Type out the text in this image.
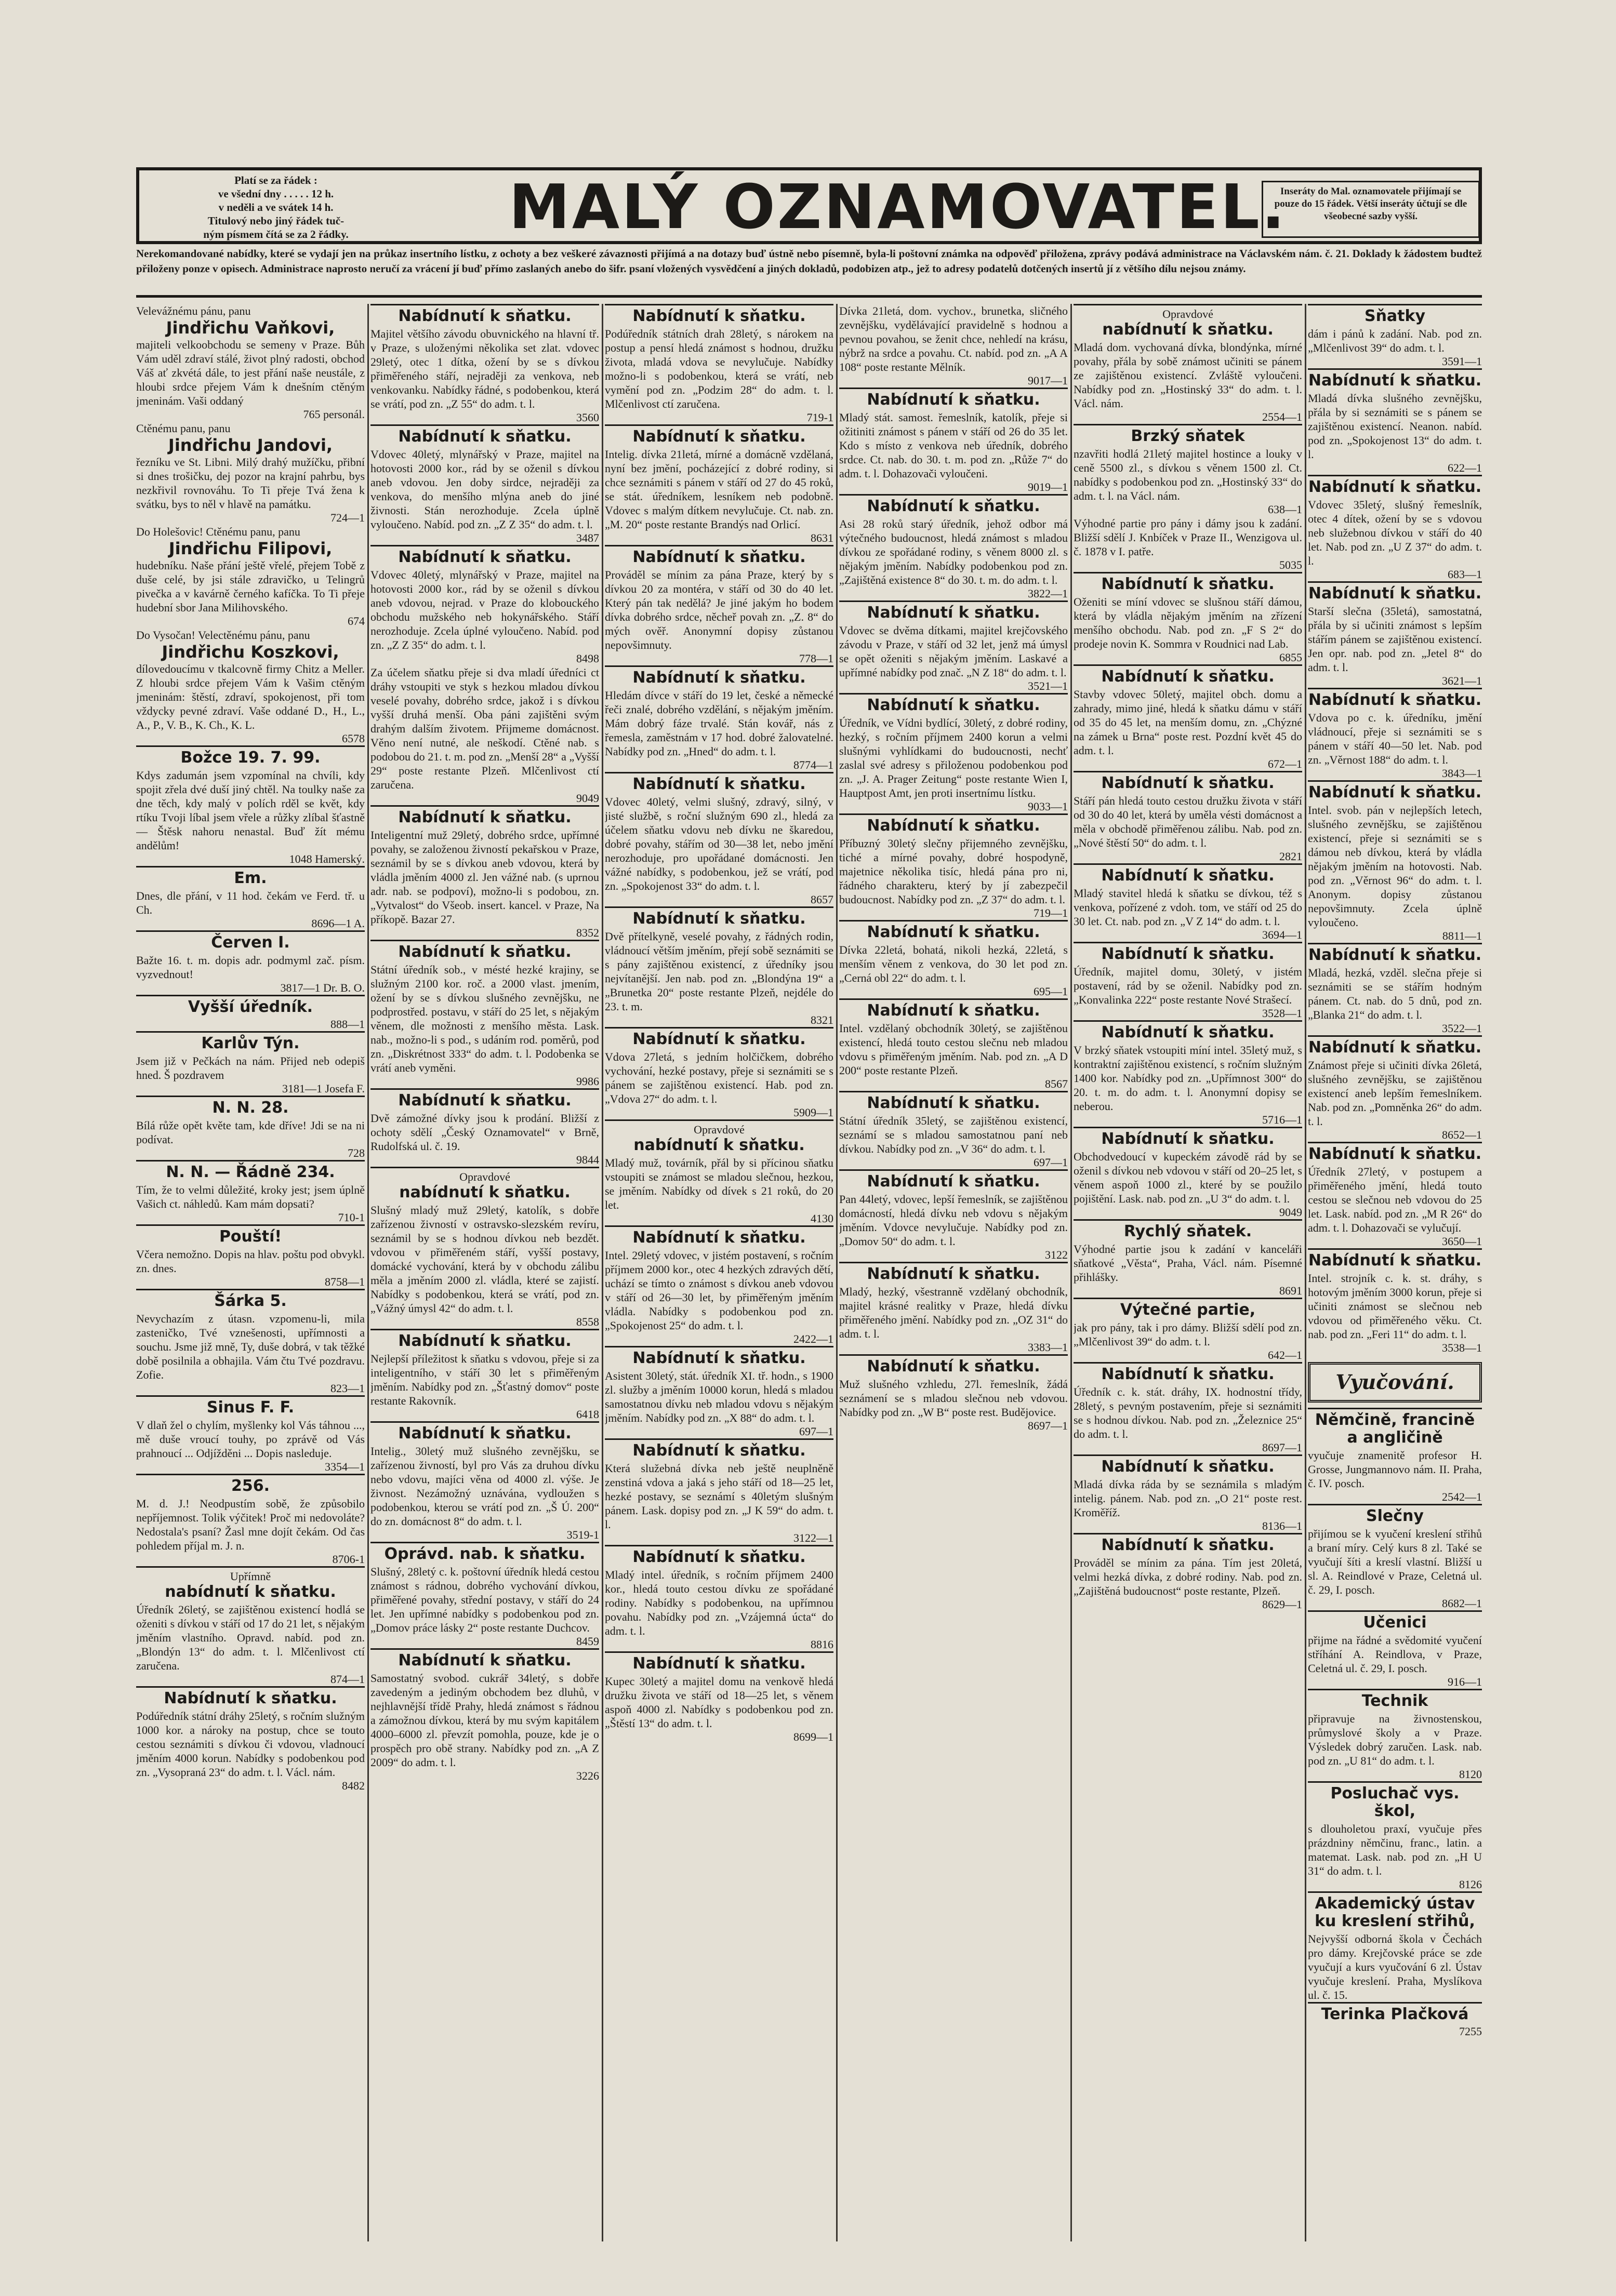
Platí se za řádek :
ve všední dny . . . . . 12 h.
v neděli a ve svátek 14 h.
Titulový nebo jiný řádek tuč-
ným písmem čítá se za 2 řádky.	MALÝ OZNAMOVATEL.
Inseráty do Mal. oznamovatele přijímají se pouze do 15 řádek. Větší inseráty účtují se dle všeobecné sazby vyšší.
Nerekomandované nabídky, které se vydají jen na průkaz insertního lístku, z ochoty a bez veškeré závaznosti přijímá a na dotazy buď ústně nebo písemně, byla-li poštovní známka na odpověď přiložena, zprávy podává administrace na Václavském nám. č. 21. Doklady k žádostem budtež přiloženy ponze v opisech. Administrace naprosto neručí za vrácení jí buď přímo zaslaných anebo do šifr. psaní vložených vysvědčení a jiných dokladů, podobizen atp., jež to adresy podatelů dotčených insertů jí z většího dílu nejsou známy.
Velevážnému pánu, panu
Jindřichu Vaňkovi,
majiteli velkoobchodu se semeny v Praze. Bůh Vám uděl zdraví stálé, život plný radosti, obchod Váš ať zkvétá dále, to jest přání naše neustále, z hloubi srdce přejem Vám k dnešním ctěným jmeninám. Vaši oddaný
765 personál.
Ctěnému panu, panu
Jindřichu Jandovi,
řezníku ve St. Libni. Milý drahý mužíčku, přibní si dnes trošičku, dej pozor na krajní pahrbu, bys nezkřivil rovnováhu. To Ti přeje Tvá žena k svátku, bys to něl v hlavě na památku.
724—1
Do Holešovic! Ctěnému panu, panu
Jindřichu Filipovi,
hudebníku. Naše přání ještě vřelé, přejem Tobě z duše celé, by jsi stále zdravičko, u Telingrů pivečka a v kavárně černého kafíčka. To Ti přeje hudební sbor Jana Milihovského.
674
Do Vysočan! Velectěnému pánu, panu
Jindřichu Koszkovi,
dílovedoucímu v tkalcovně firmy Chitz a Meller. Z hloubi srdce přejem Vám k Vašim ctěným jmeninám: štěstí, zdraví, spokojenost, při tom vždycky pevné zdraví. Vaše oddané D., H., L., A., P., V. B., K. Ch., K. L.
6578
Božce 19. 7. 99.
Kdys zadumán jsem vzpomínal na chvíli, kdy spojit zřela dvé duší jiný chtěl. Na toulky naše za dne těch, kdy malý v polích rděl se květ, kdy rtíku Tvoji líbal jsem vřele a růžky zlíbal šťastně — Štěsk nahoru nenastal. Buď žít mému andělům!
1048 Hamerský.
Em.
Dnes, dle přání, v 11 hod. čekám ve Ferd. tř. u Ch.
8696—1 A.
Červen I.
Bažte 16. t. m. dopis adr. podmyml zač. písm. vyzvednout!
3817—1 Dr. B. O.
Vyšší úředník.
888—1
Karlův Týn.
Jsem již v Pečkách na nám. Přijed neb odepiš hned. Š pozdravem
3181—1 Josefa F.
N. N. 28.
Bílá růže opět květe tam, kde dříve! Jdi se na ni podívat.
728
N. N. — Řádně 234.
Tím, že to velmi důležité, kroky jest; jsem úplně Vašich ct. náhledů. Kam mám dopsati?
710-1
Pouští!
Včera nemožno. Dopis na hlav. poštu pod obvykl. zn. dnes.
8758—1
Šárka 5.
Nevychazím z útasn. vzpomenu-li, mila zasteničko, Tvé vznešenosti, upřímnosti a souchu. Jsme již mně, Ty, duše dobrá, v tak těžké době posilnila a obhajila. Vám čtu Tvé pozdravu. Zofie.
823—1
Sinus F. F.
V dlaň žel o chylím, myšlenky kol Vás táhnou ..., mě duše vroucí touhy, po zprávě od Vás prahnoucí ... Odjížděni ... Dopis nasleduje.
3354—1
256.
M. d. J.! Neodpustím sobě, že způsobilo nepříjemnost. Tolik výčitek! Proč mi nedovoláte? Nedostala's psaní? Žasl mne dojít čekám. Od čas pohledem příjal m. J. n.
8706-1
Upřímně
nabídnutí k sňatku.
Úředník 26letý, se zajištěnou existencí hodlá se oženiti s dívkou v stáří od 17 do 21 let, s nějakým jměním vlastního. Opravd. nabíd. pod zn. „Blondýn 13“ do adm. t. l. Mlčenlivost ctí zaručena.
874—1
Nabídnutí k sňatku.
Podúředník státní dráhy 25letý, s ročním služným 1000 kor. a nároky na postup, chce se touto cestou seznámiti s dívkou či vdovou, vladnoucí jměním 4000 korun. Nabídky s podobenkou pod zn. „Vysopraná 23“ do adm. t. l. Václ. nám.
8482
Nabídnutí k sňatku.
Majitel většího závodu obuvnického na hlavní tř. v Praze, s uloženými několika set zlat. vdovec 29letý, otec 1 dítka, ožení by se s dívkou přiměřeného stáří, nejraději za venkova, neb venkovanku. Nabídky řádné, s podobenkou, která se vrátí, pod zn. „Z 55“ do adm. t. l.
3560
Nabídnutí k sňatku.
Vdovec 40letý, mlynářský v Praze, majitel na hotovosti 2000 kor., rád by se oženil s dívkou aneb vdovou. Jen doby sirdce, nejraději za venkova, do menšího mlýna aneb do jiné živnosti. Stán nerozhoduje. Zcela úplně vyloučeno. Nabíd. pod zn. „Z Z 35“ do adm. t. l.
3487
Nabídnutí k sňatku.
Vdovec 40letý, mlynářský v Praze, majitel na hotovosti 2000 kor., rád by se oženil s dívkou aneb vdovou, nejrad. v Praze do klobouckého obchodu mužského neb hokynářského. Stáří nerozhoduje. Zcela úplné vyloučeno. Nabíd. pod zn. „Z Z 35“ do adm. t. l.
8498
Za účelem sňatku přeje si dva mladí úředníci ct dráhy vstoupiti ve styk s hezkou mladou dívkou veselé povahy, dobrého srdce, jakož i s dívkou vyšší druhá menší. Oba páni zajištěni svým drahým dalším životem. Přijmeme domácnost. Věno není nutné, ale neškodí. Ctěné nab. s podobou do 21. t. m. pod zn. „Menší 28“ a „Vyšší 29“ poste restante Plzeň. Mlčenlivost ctí zaručena.
9049
Nabídnutí k sňatku.
Inteligentní muž 29letý, dobrého srdce, upřímné povahy, se založenou živností pekařskou v Praze, seznámil by se s dívkou aneb vdovou, která by vládla jměním 4000 zl. Jen vážné nab. (s uprnou adr. nab. se podpoví), možno-li s podobou, zn. „Vytvalost“ do Všeob. insert. kancel. v Praze, Na příkopě. Bazar 27.
8352
Nabídnutí k sňatku.
Státní úředník sob., v mésté hezké krajiny, se služným 2100 kor. roč. a 2000 vlast. jmením, ožení by se s dívkou slušného zevnějšku, ne podprostřed. postavu, v stáří do 25 let, s nějakým věnem, dle možnosti z menšího města. Lask. nab., možno-li s pod., s udáním rod. poměrů, pod zn. „Diskrétnost 333“ do adm. t. l. Podobenka se vrátí aneb vyměni.
9986
Nabídnutí k sňatku.
Dvě zámožné dívky jsou k prodání. Bližší z ochoty sdělí „Český Oznamovatel“ v Brně, Rudolfská ul. č. 19.
9844
Opravdové
nabídnutí k sňatku.
Slušný mladý muž 29letý, katolík, s dobře zařízenou živností v ostravsko-slezském revíru, seznámil by se s hodnou dívkou neb bezdět. vdovou v přiměřeném stáří, vyšší postavy, domácké vychování, která by v obchodu zálibu měla a jměním 2000 zl. vládla, které se zajistí. Nabídky s podobenkou, která se vrátí, pod zn. „Vážný úmysl 42“ do adm. t. l.
8558
Nabídnutí k sňatku.
Nejlepší příležitost k sňatku s vdovou, přeje si za inteligentního, v stáří 30 let s přiměřeným jměním. Nabídky pod zn. „Šťastný domov“ poste restante Rakovník.
6418
Nabídnutí k sňatku.
Intelig., 30letý muž slušného zevnějšku, se zařízenou živností, byl pro Vás za druhou dívku nebo vdovu, majíci věna od 4000 zl. výše. Je živnost. Nezámožný uznávána, vydloužen s podobenkou, kterou se vrátí pod zn. „Š Ú. 200“ do zn. domácnost 8“ do adm. t. l.
3519-1
Oprávd. nab. k sňatku.
Slušný, 28letý c. k. poštovní úředník hledá cestou známost s rádnou, dobrého vychování dívkou, přiměřené povahy, střední postavy, v stáří do 24 let. Jen upřímné nabídky s podobenkou pod zn. „Domov práce lásky 2“ poste restante Duchcov.
8459
Nabídnutí k sňatku.
Samostatný svobod. cukrář 34letý, s dobře zavedeným a jediným obchodem bez dluhů, v nejhlavnější třídě Prahy, hledá známost s řádnou a zámožnou dívkou, která by mu svým kapitálem 4000–6000 zl. převzít pomohla, pouze, kde je o prospěch pro obě strany. Nabídky pod zn. „A Z 2009“ do adm. t. l.
3226
Nabídnutí k sňatku.
Podúředník státních drah 28letý, s nárokem na postup a pensí hledá známost s hodnou, družku života, mladá vdova se nevylučuje. Nabídky možno-li s podobenkou, která se vrátí, neb vymění pod zn. „Podzim 28“ do adm. t. l. Mlčenlivost ctí zaručena.
719-1
Nabídnutí k sňatku.
Intelig. dívka 21letá, mírné a domácně vzdělaná, nyní bez jmění, pocházející z dobré rodiny, si chce seznámiti s pánem v stáří od 27 do 45 roků, se stát. úředníkem, lesníkem neb podobně. Vdovec s malým dítkem nevylučuje. Ct. nab. zn. „M. 20“ poste restante Brandýs nad Orlicí.
8631
Nabídnutí k sňatku.
Prováděl se mínim za pána Praze, který by s dívkou 20 za montéra, v stáří od 30 do 40 let. Který pán tak nedělá? Je jiné jakým ho bodem dívka dobrého srdce, něcheř povah zn. „Z. 8“ do mých ověř. Anonymní dopisy zůstanou nepovšimnuty.
778—1
Nabídnutí k sňatku.
Hledám dívce v stáří do 19 let, české a německé řeči znalé, dobrého vzdělání, s nějakým jměním. Mám dobrý fáze trvalé. Stán kovář, nás z řemesla, zaměstnám v 17 hod. dobré žalovatelné. Nabídky pod zn. „Hned“ do adm. t. l.
8774—1
Nabídnutí k sňatku.
Vdovec 40letý, velmi slušný, zdravý, silný, v jisté službě, s roční služným 690 zl., hledá za účelem sňatku vdovu neb dívku ne škaredou, dobré povahy, stářím od 30—38 let, nebo jmění nerozhoduje, pro upořádané domácnosti. Jen vážné nabídky, s podobenkou, jež se vrátí, pod zn. „Spokojenost 33“ do adm. t. l.
8657
Nabídnutí k sňatku.
Dvě přítelkyně, veselé povahy, z řádných rodin, vládnoucí větším jměním, přejí sobě seznámiti se s pány zajištěnou existencí, z úředníky jsou nejvítanější. Jen nab. pod zn. „Blondýna 19“ a „Brunetka 20“ poste restante Plzeň, nejdéle do 23. t. m.
8321
Nabídnutí k sňatku.
Vdova 27letá, s jedním holčičkem, dobrého vychování, hezké postavy, přeje si seznámiti se s pánem se zajištěnou existencí. Hab. pod zn. „Vdova 27“ do adm. t. l.
5909—1
Opravdové
nabídnutí k sňatku.
Mladý muž, továrník, přál by si přícinou sňatku vstoupiti se známost se mladou slečnou, hezkou, se jměním. Nabídky od dívek s 21 roků, do 20 let.
4130
Nabídnutí k sňatku.
Intel. 29letý vdovec, v jistém postavení, s ročním příjmem 2000 kor., otec 4 hezkých zdravých dětí, uchází se tímto o známost s dívkou aneb vdovou v stáří od 26—30 let, by přiměřeným jměním vládla. Nabídky s podobenkou pod zn. „Spokojenost 25“ do adm. t. l.
2422—1
Nabídnutí k sňatku.
Asistent 30letý, stát. úředník XI. tř. hodn., s 1900 zl. služby a jměním 10000 korun, hledá s mladou samostatnou dívku neb mladou vdovu s nějakým jměním. Nabídky pod zn. „X 88“ do adm. t. l.
697—1
Nabídnutí k sňatku.
Která služebná dívka neb ještě neuplněně zenstiná vdova a jaká s jeho stáří od 18—25 let, hezké postavy, se seznámí s 40letým slušným pánem. Lask. dopisy pod zn. „J K 59“ do adm. t. l.
3122—1
Nabídnutí k sňatku.
Mladý intel. úředník, s ročním příjmem 2400 kor., hledá touto cestou dívku ze spořádané rodiny. Nabídky s podobenkou, na upřímnou povahu. Nabídky pod zn. „Vzájemná úcta“ do adm. t. l.
8816
Nabídnutí k sňatku.
Kupec 30letý a majitel domu na venkově hledá družku života ve stáří od 18—25 let, s věnem aspoň 4000 zl. Nabídky s podobenkou pod zn. „Štěstí 13“ do adm. t. l.
8699—1
Dívka 21letá, dom. vychov., brunetka, sličného zevnějšku, vydělávající pravidelně s hodnou a pevnou povahou, se ženit chce, nehledí na krásu, nýbrž na srdce a povahu. Ct. nabíd. pod zn. „A A 108“ poste restante Mělník.
9017—1
Nabídnutí k sňatku.
Mladý stát. samost. řemeslník, katolík, přeje si ožitiniti známost s pánem v stáří od 26 do 35 let. Kdo s místo z venkova neb úředník, dobrého srdce. Ct. nab. do 30. t. m. pod zn. „Růže 7“ do adm. t. l. Dohazovači vyloučeni.
9019—1
Nabídnutí k sňatku.
Asi 28 roků starý úředník, jehož odbor má výtečného budoucnost, hledá známost s mladou dívkou ze spořádané rodiny, s věnem 8000 zl. s nějakým jměním. Nabídky podobenkou pod zn. „Zajištěná existence 8“ do 30. t. m. do adm. t. l.
3822—1
Nabídnutí k sňatku.
Vdovec se dvěma dítkami, majitel krejčovského závodu v Praze, v stáří od 32 let, jenž má úmysl se opět oženiti s nějakým jměním. Laskavé a upřímné nabídky pod znač. „N Z 18“ do adm. t. l.
3521—1
Nabídnutí k sňatku.
Úředník, ve Vídni bydlící, 30letý, z dobré rodiny, hezký, s ročním příjmem 2400 korun a velmi slušnými vyhlídkami do budoucnosti, nechť zaslal své adresy s přiloženou podobenkou pod zn. „J. A. Prager Zeitung“ poste restante Wien I, Hauptpost Amt, jen proti insertnímu lístku.
9033—1
Nabídnutí k sňatku.
Příbuzný 30letý slečny přijemného zevnějšku, tiché a mírné povahy, dobré hospodyně, majetnice několika tisíc, hledá pána pro ni, řádného charakteru, který by jí zabezpečil budoucnost. Nabídky pod zn. „Z 37“ do adm. t. l.
719—1
Nabídnutí k sňatku.
Dívka 22letá, bohatá, nikoli hezká, 22letá, s menším věnem z venkova, do 30 let pod zn. „Cerná obl 22“ do adm. t. l.
695—1
Nabídnutí k sňatku.
Intel. vzdělaný obchodník 30letý, se zajištěnou existencí, hledá touto cestou slečnu neb mladou vdovu s přiměřeným jměním. Nab. pod zn. „A D 200“ poste restante Plzeň.
8567
Nabídnutí k sňatku.
Státní úředník 35letý, se zajištěnou existencí, seznámí se s mladou samostatnou paní neb dívkou. Nabídky pod zn. „V 36“ do adm. t. l.
697—1
Nabídnutí k sňatku.
Pan 44letý, vdovec, lepší řemeslník, se zajištěnou domácností, hledá dívku neb vdovu s nějakým jměním. Vdovce nevylučuje. Nabídky pod zn. „Domov 50“ do adm. t. l.
3122
Nabídnutí k sňatku.
Mladý, hezký, všestranně vzdělaný obchodník, majitel krásné realitky v Praze, hledá dívku přiměřeného jmění. Nabídky pod zn. „OZ 31“ do adm. t. l.
3383—1
Nabídnutí k sňatku.
Muž slušného vzhledu, 27l. řemeslník, žádá seznámení se s mladou slečnou neb vdovou. Nabídky pod zn. „W B“ poste rest. Budějovice.
8697—1
Opravdové
nabídnutí k sňatku.
Mladá dom. vychovaná dívka, blondýnka, mírné povahy, přála by sobě známost učiniti se pánem ze zajištěnou existencí. Zvláště vyloučeni. Nabídky pod zn. „Hostinský 33“ do adm. t. l. Václ. nám.
2554—1
Brzký sňatek
nzavřiti hodlá 21letý majitel hostince a louky v ceně 5500 zl., s dívkou s věnem 1500 zl. Ct. nabídky s podobenkou pod zn. „Hostinský 33“ do adm. t. l. na Václ. nám.
638—1
Výhodné partie pro pány i dámy jsou k zadání. Bližší sdělí J. Knbíček v Praze II., Wenzigova ul. č. 1878 v I. patře.
5035
Nabídnutí k sňatku.
Oženiti se míní vdovec se slušnou stáří dámou, která by vládla nějakým jměním na zřízení menšího obchodu. Nab. pod zn. „F S 2“ do prodeje novin K. Sommra v Roudnici nad Lab.
6855
Nabídnutí k sňatku.
Stavby vdovec 50letý, majitel obch. domu a zahrady, mimo jiné, hledá k sňatku dámu v stáří od 35 do 45 let, na menším domu, zn. „Chýzné na zámek u Brna“ poste rest. Pozdní květ 45 do adm. t. l.
672—1
Nabídnutí k sňatku.
Stáří pán hledá touto cestou družku života v stáří od 30 do 40 let, která by uměla vésti domácnost a měla v obchodě přiměřenou zálibu. Nab. pod zn. „Nové štěstí 50“ do adm. t. l.
2821
Nabídnutí k sňatku.
Mladý stavitel hledá k sňatku se dívkou, též s venkova, pořízené z vdoh. tom, ve stáří od 25 do 30 let. Ct. nab. pod zn. „V Z 14“ do adm. t. l.
3694—1
Nabídnutí k sňatku.
Úředník, majitel domu, 30letý, v jistém postavení, rád by se oženil. Nabídky pod zn. „Konvalinka 222“ poste restante Nové Strašecí.
3528—1
Nabídnutí k sňatku.
V brzký sňatek vstoupiti míní intel. 35letý muž, s kontraktní zajištěnou existencí, s ročním služným 1400 kor. Nabídky pod zn. „Upřímnost 300“ do 20. t. m. do adm. t. l. Anonymní dopisy se neberou.
5716—1
Nabídnutí k sňatku.
Obchodvedoucí v kupeckém závodě rád by se oženil s dívkou neb vdovou v stáří od 20–25 let, s věnem aspoň 1000 zl., které by se použilo pojištění. Lask. nab. pod zn. „U 3“ do adm. t. l.
9049
Rychlý sňatek.
Výhodné partie jsou k zadání v kanceláři sňatkové „Věsta“, Praha, Václ. nám. Písemné přihlášky.
8691
Výtečné partie,
jak pro pány, tak i pro dámy. Bližší sdělí pod zn. „Mlčenlivost 39“ do adm. t. l.
642—1
Nabídnutí k sňatku.
Úředník c. k. stát. dráhy, IX. hodnostní třídy, 28letý, s pevným postavením, přeje si seznámiti se s hodnou dívkou. Nab. pod zn. „Železnice 25“ do adm. t. l.
8697—1
Nabídnutí k sňatku.
Mladá dívka ráda by se seznámila s mladým intelig. pánem. Nab. pod zn. „O 21“ poste rest. Kroměříž.
8136—1
Nabídnutí k sňatku.
Prováděl se mínim za pána. Tím jest 20letá, velmi hezká dívka, z dobré rodiny. Nab. pod zn. „Zajištěná budoucnost“ poste restante, Plzeň.
8629—1
Sňatky
dám i pánů k zadání. Nab. pod zn. „Mlčenlivost 39“ do adm. t. l.
3591—1
Nabídnutí k sňatku.
Mladá dívka slušného zevnějšku, přála by si seznámiti se s pánem se zajištěnou existencí. Neanon. nabíd. pod zn. „Spokojenost 13“ do adm. t. l.
622—1
Nabídnutí k sňatku.
Vdovec 35letý, slušný řemeslník, otec 4 dítek, ožení by se s vdovou neb služebnou dívkou v stáří do 40 let. Nab. pod zn. „U Z 37“ do adm. t. l.
683—1
Nabídnutí k sňatku.
Starší slečna (35letá), samostatná, přála by si učiniti známost s lepším stářím pánem se zajištěnou existencí. Jen opr. nab. pod zn. „Jetel 8“ do adm. t. l.
3621—1
Nabídnutí k sňatku.
Vdova po c. k. úředníku, jmění vládnoucí, přeje si seznámiti se s pánem v stáří 40—50 let. Nab. pod zn. „Věrnost 188“ do adm. t. l.
3843—1
Nabídnutí k sňatku.
Intel. svob. pán v nejlepších letech, slušného zevnějšku, se zajištěnou existencí, přeje si seznámiti se s dámou neb dívkou, která by vládla nějakým jměním na hotovosti. Nab. pod zn. „Věrnost 96“ do adm. t. l. Anonym. dopisy zůstanou nepovšimnuty. Zcela úplně vyloučeno.
8811—1
Nabídnutí k sňatku.
Mladá, hezká, vzděl. slečna přeje si seznámiti se se stářím hodným pánem. Ct. nab. do 5 dnů, pod zn. „Blanka 21“ do adm. t. l.
3522—1
Nabídnutí k sňatku.
Známost přeje si učiniti dívka 26letá, slušného zevnějšku, se zajištěnou existencí aneb lepším řemeslníkem. Nab. pod zn. „Pomněnka 26“ do adm. t. l.
8652—1
Nabídnutí k sňatku.
Úředník 27letý, v postupem a přiměřeného jmění, hledá touto cestou se slečnou neb vdovou do 25 let. Lask. nabíd. pod zn. „M R 26“ do adm. t. l. Dohazovači se vylučují.
3650—1
Nabídnutí k sňatku.
Intel. strojník c. k. st. dráhy, s hotovým jměním 3000 korun, přeje si učiniti známost se slečnou neb vdovou od přiměřeného věku. Ct. nab. pod zn. „Feri 11“ do adm. t. l.
3538—1
Vyučování.
Němčině, francině a angličině
vyučuje znamenitě profesor H. Grosse, Jungmannovo nám. II. Praha, č. IV. posch.
2542—1
Slečny
přijímou se k vyučení kreslení střihů a braní míry. Celý kurs 8 zl. Také se vyučují šíti a kreslí vlastní. Bližší u sl. A. Reindlové v Praze, Celetná ul. č. 29, I. posch.
8682—1
Učenici
přijme na řádné a svědomité vyučení stříhání A. Reindlova, v Praze, Celetná ul. č. 29, I. posch.
916—1
Technik
připravuje na živnostenskou, průmyslové školy a v Praze. Výsledek dobrý zaručen. Lask. nab. pod zn. „U 81“ do adm. t. l.
8120
Posluchač vys. škol,
s dlouholetou praxí, vyučuje přes prázdniny němčinu, franc., latin. a matemat. Lask. nab. pod zn. „H U 31“ do adm. t. l.
8126
Akademický ústav ku kreslení střihů,
Nejvyšší odborná škola v Čechách pro dámy. Krejčovské práce se zde vyučují a kurs vyučování 6 zl. Ústav vyučuje kreslení. Praha, Myslíkova ul. č. 15.
Terinka Plačková
7255
